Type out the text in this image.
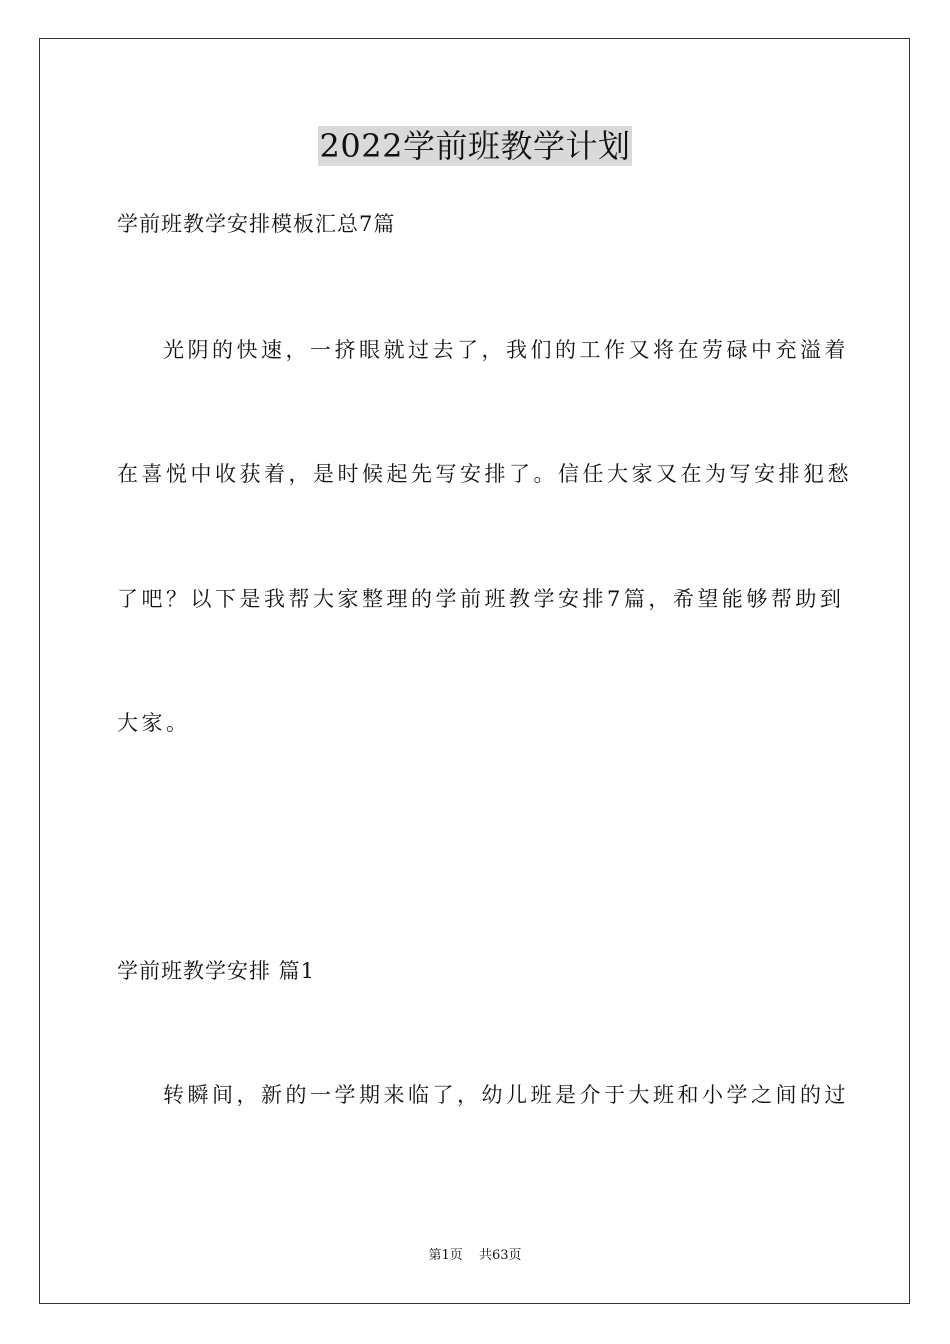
2022学前班教学计划
学前班教学安排模板汇总7篇
光阴的快速，一挤眼就过去了，我们的工作又将在劳碌中充溢着
在喜悦中收获着，是时候起先写安排了。信任大家又在为写安排犯愁
了吧？以下是我帮大家整理的学前班教学安排7篇，希望能够帮助到
大家。
学前班教学安排 篇1
转瞬间，新的一学期来临了，幼儿班是介于大班和小学之间的过
第1页 共63页
